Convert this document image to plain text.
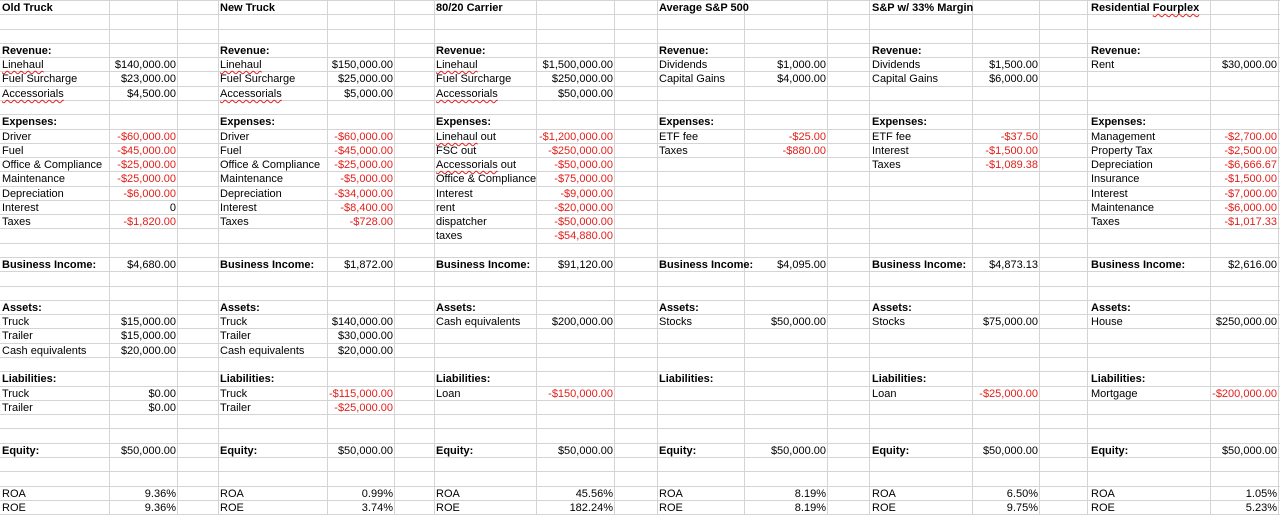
Old Truck
Revenue:
Linehaul	$140,000.00
Fuel Surcharge	$23,000.00
Accessorials	$4,500.00
Expenses:
Driver	-$60,000.00
Fuel	-$45,000.00
Office & Compliance -$25,000.00
Maintenance	-$25,000.00
Depreciation	-$6,000.00
Interest	0
Taxes	-$1,820.00
Business Income:	$4,680.00
Assets:
Truck	$15,000.00
Trailer	$15,000.00
Cash equivalents	$20,000.00
Liabilities:
Truck	$0.00
Trailer	$0.00
Equity:	$50,000.00
ROA	9.36%
ROE	9.36%
New Truck
Revenue:
Linehaul	$150,000.00
Fuel Surcharge	$25,000.00
Accessorials	$5,000.00
Expenses:
Driver	-$60,000.00
Fuel	-$45,000.00
Office & Compliance -$25,000.00
Maintenance	-$5,000.00
Depreciation	-$34,000.00
Interest	-$8,400.00
Taxes	-$728.00
Business Income:	$1,872.00
Assets:
Truck	$140,000.00
Trailer	$30,000.00
Cash equivalents	$20,000.00
Liabilities:
Truck	-$115,000.00
Trailer	-$25,000.00
Equity:	$50,000.00
ROA	0.99%
ROE	3.74%
80/20 Carrier
Revenue:
Linehaul	$1,500,000.00
Fuel Surcharge	$250,000.00
Accessorials	$50,000.00
Expenses:
Linehaul out	-$1,200,000.00
FSC out	-$250,000.00
Accessorials out	-$50,000.00
Office & Compliance -$75,000.00
Interest	-$9,000.00
rent	-$20,000.00
dispatcher	-$50,000.00
taxes	-$54,880.00
Business Income:	$91,120.00
Assets:
Cash equivalents	$200,000.00
Liabilities:
Loan	-$150,000.00
Equity:	$50,000.00
ROA	45.56%
ROE	182.24%
Average S&P 500
Revenue:
Dividends	$1,000.00
Capital Gains	$4,000.00
Expenses:
ETF fee	-$25.00
Taxes	-$880.00
Business Income: $4,095.00
Assets:
Stocks	$50,000.00
Liabilities:
Equity:	$50,000.00
ROA	8.19%
ROE	8.19%
S&P w/ 33% Margin
Revenue:
Dividends	$1,500.00
Capital Gains	$6,000.00
Expenses:
ETF fee	-$37.50
Interest	-$1,500.00
Taxes	-$1,089.38
Business Income: $4,873.13
Assets:
Stocks	$75,000.00
Liabilities:
Loan	-$25,000.00
Equity:	$50,000.00
ROA	6.50%
ROE	9.75%
Residential Fourplex
Revenue:
Rent	$30,000.00
Expenses:
Management	-$2,700.00
Property Tax	-$2,500.00
Depreciation	-$6,666.67
Insurance	-$1,500.00
Interest	-$7,000.00
Maintenance	-$6,000.00
Taxes	-$1,017.33
Business Income:	$2,616.00
Assets:
House	$250,000.00
Liabilities:
Mortgage	-$200,000.00
Equity:	$50,000.00
ROA	1.05%
ROE	5.23%
